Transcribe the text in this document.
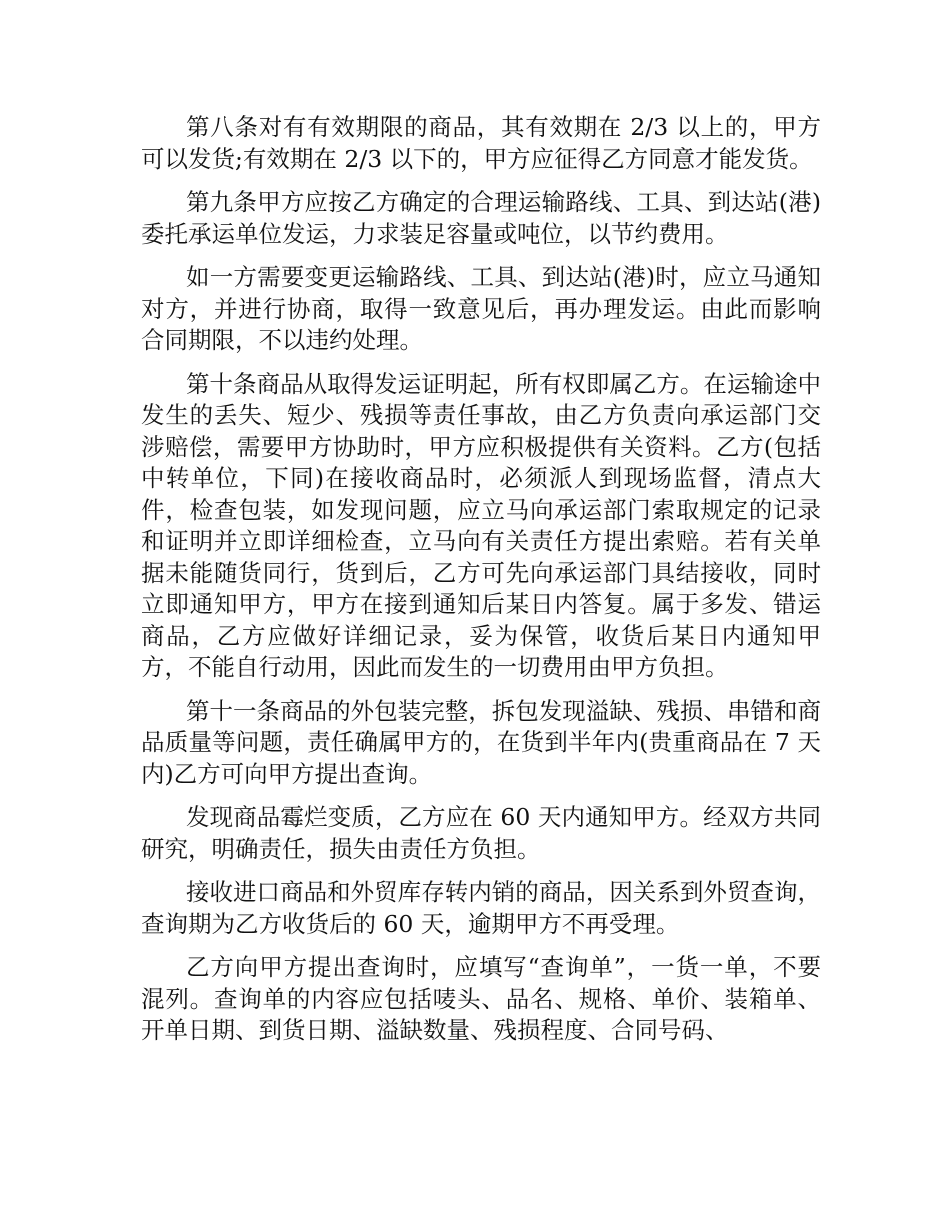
第八条对有有效期限的商品，其有效期在 2/3 以上的，甲方可以发货;有效期在 2/3 以下的，甲方应征得乙方同意才能发货。

第九条甲方应按乙方确定的合理运输路线、工具、到达站(港)委托承运单位发运，力求装足容量或吨位，以节约费用。

如一方需要变更运输路线、工具、到达站(港)时，应立马通知对方，并进行协商，取得一致意见后，再办理发运。由此而影响合同期限，不以违约处理。

第十条商品从取得发运证明起，所有权即属乙方。在运输途中发生的丢失、短少、残损等责任事故，由乙方负责向承运部门交涉赔偿，需要甲方协助时，甲方应积极提供有关资料。乙方(包括中转单位，下同)在接收商品时，必须派人到现场监督，清点大件，检查包装，如发现问题，应立马向承运部门索取规定的记录和证明并立即详细检查，立马向有关责任方提出索赔。若有关单据未能随货同行，货到后，乙方可先向承运部门具结接收，同时立即通知甲方，甲方在接到通知后某日内答复。属于多发、错运商品，乙方应做好详细记录，妥为保管，收货后某日内通知甲方，不能自行动用，因此而发生的一切费用由甲方负担。

第十一条商品的外包装完整，拆包发现溢缺、残损、串错和商品质量等问题，责任确属甲方的，在货到半年内(贵重商品在 7 天内)乙方可向甲方提出查询。

发现商品霉烂变质，乙方应在 60 天内通知甲方。经双方共同研究，明确责任，损失由责任方负担。

接收进口商品和外贸库存转内销的商品，因关系到外贸查询，查询期为乙方收货后的 60 天，逾期甲方不再受理。

乙方向甲方提出查询时，应填写“查询单”，一货一单，不要混列。查询单的内容应包括唛头、品名、规格、单价、装箱单、开单日期、到货日期、溢缺数量、残损程度、合同号码、
